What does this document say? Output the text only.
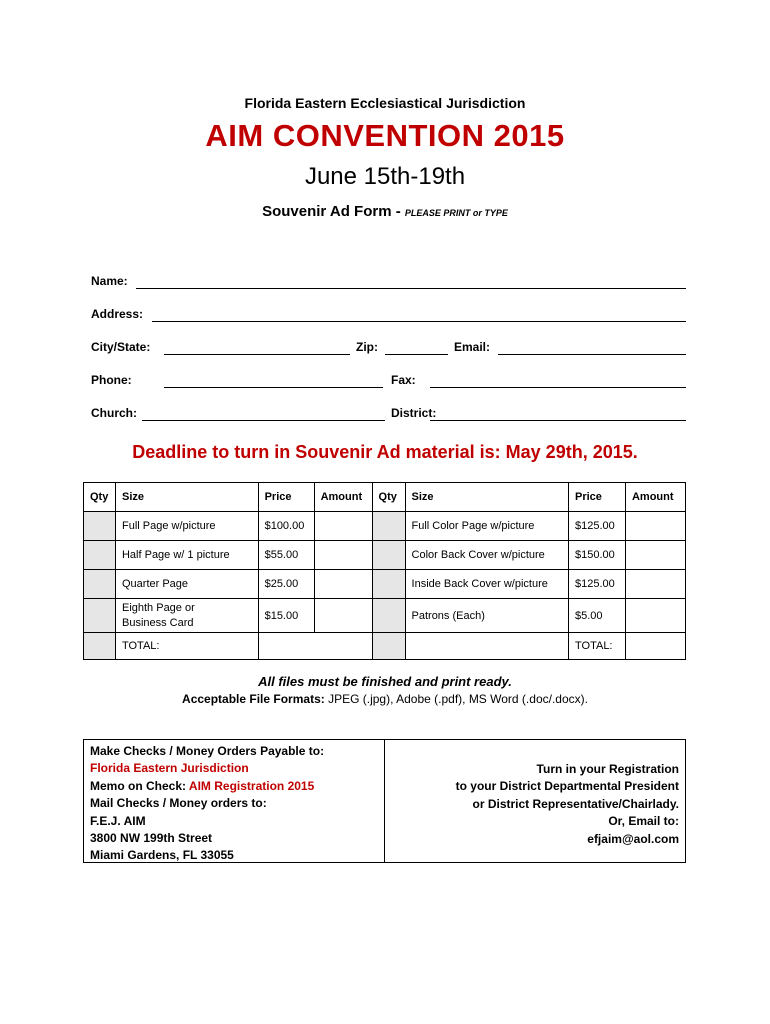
Florida Eastern Ecclesiastical Jurisdiction
AIM CONVENTION 2015
June 15th-19th
Souvenir Ad Form - PLEASE PRINT or TYPE
Name:
Address:
City/State:	Zip:	Email:
Phone:	Fax:
Church:	District:
Deadline to turn in Souvenir Ad material is: May 29th, 2015.
Qty	Size	Price	Amount	Qty	Size	Price	Amount
	Full Page w/picture	$100.00			Full Color Page w/picture	$125.00	
	Half Page w/ 1 picture	$55.00			Color Back Cover w/picture	$150.00	
	Quarter Page	$25.00			Inside Back Cover w/picture	$125.00	

	Eighth Page or
Business Card	$15.00			Patrons (Each)	$5.00	
	TOTAL:					TOTAL:	
All files must be finished and print ready.
Acceptable File Formats: JPEG (.jpg), Adobe (.pdf), MS Word (.doc/.docx).
Make Checks / Money Orders Payable to:
Florida Eastern Jurisdiction
Memo on Check: AIM Registration 2015
Mail Checks / Money orders to:
F.E.J. AIM
3800 NW 199th Street
Miami Gardens, FL 33055
Turn in your Registration
to your District Departmental President
or District Representative/Chairlady.
Or, Email to:
efjaim@aol.com
